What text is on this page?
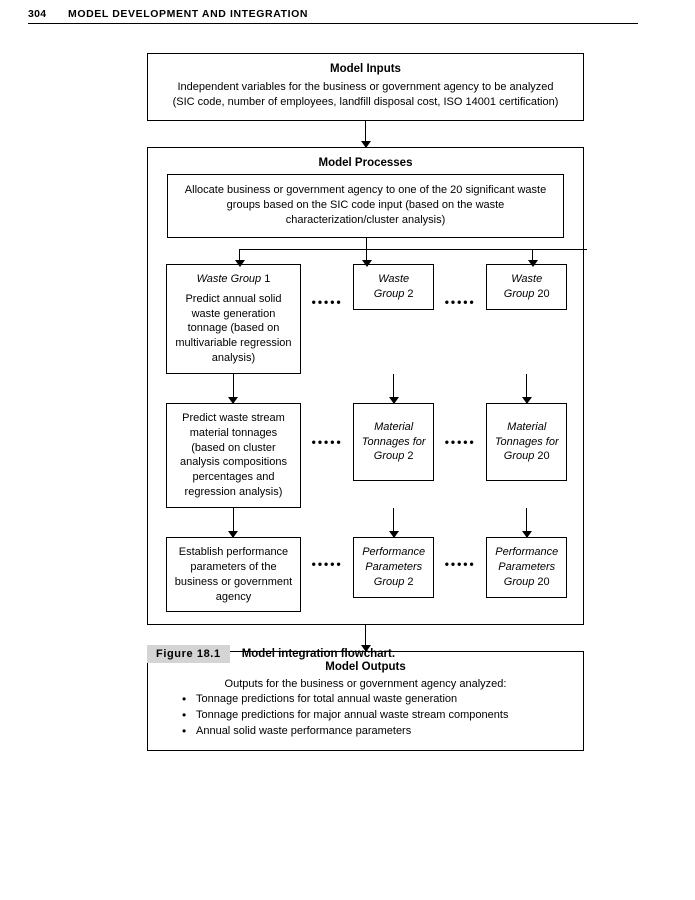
304	MODEL DEVELOPMENT AND INTEGRATION
Model Inputs
Independent variables for the business or government agency to be analyzed
(SIC code, number of employees, landfill disposal cost, ISO 14001 certification)
Model Processes
Allocate business or government agency to one of the 20 significant waste groups based on the SIC code input (based on the waste characterization/cluster analysis)
Waste Group 1
Predict annual solid waste generation tonnage (based on multivariable regression analysis)
•••••
Waste
Group 2
•••••
Waste
Group 20
Predict waste stream material tonnages (based on cluster analysis compositions percentages and regression analysis)
•••••
Material
Tonnages for
Group 2
•••••
Material
Tonnages for
Group 20
Establish performance parameters of the business or government agency
•••••
Performance
Parameters
Group 2
•••••
Performance
Parameters
Group 20
Model Outputs
Outputs for the business or government agency analyzed:
• Tonnage predictions for total annual waste generation
• Tonnage predictions for major annual waste stream components
• Annual solid waste performance parameters
Figure 18.1	Model integration flowchart.
